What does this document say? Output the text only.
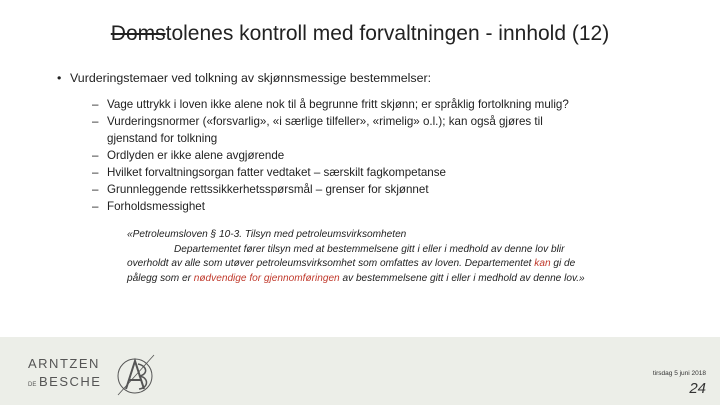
Domstolenes kontroll med forvaltningen - innhold (12)
• Vurderingstemaer ved tolkning av skjønnsmessige bestemmelser:
– Vage uttrykk i loven ikke alene nok til å begrunne fritt skjønn; er språklig fortolkning mulig?
– Vurderingsnormer («forsvarlig», «i særlige tilfeller», «rimelig» o.l.); kan også gjøres til
gjenstand for tolkning
– Ordlyden er ikke alene avgjørende
– Hvilket forvaltningsorgan fatter vedtaket – særskilt fagkompetanse
– Grunnleggende rettssikkerhetsspørsmål – grenser for skjønnet
– Forholdsmessighet
«Petroleumsloven § 10-3. Tilsyn med petroleumsvirksomheten
Departementet fører tilsyn med at bestemmelsene gitt i eller i medhold av denne lov blir
overholdt av alle som utøver petroleumsvirksomhet som omfattes av loven. Departementet kan gi de
pålegg som er nødvendige for gjennomføringen av bestemmelsene gitt i eller i medhold av denne lov.»
ARNTZEN
DE BESCHE
tirsdag 5 juni 2018
24
